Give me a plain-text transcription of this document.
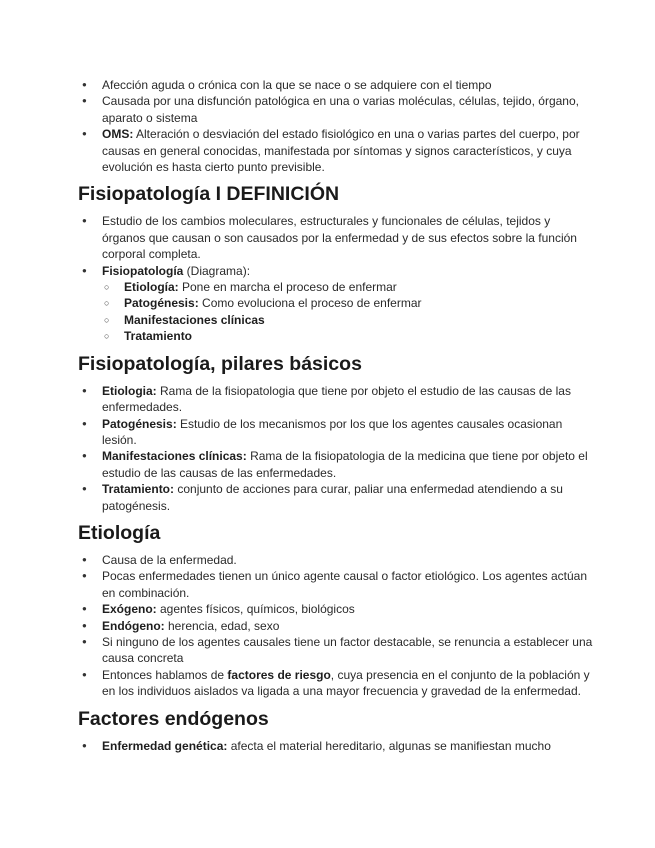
● Afección aguda o crónica con la que se nace o se adquiere con el tiempo
● Causada por una disfunción patológica en una o varias moléculas, células, tejido, órgano, aparato o sistema
● OMS: Alteración o desviación del estado fisiológico en una o varias partes del cuerpo, por causas en general conocidas, manifestada por síntomas y signos característicos, y cuya evolución es hasta cierto punto previsible.
Fisiopatología I DEFINICIÓN
● Estudio de los cambios moleculares, estructurales y funcionales de células, tejidos y órganos que causan o son causados por la enfermedad y de sus efectos sobre la función corporal completa.
● Fisiopatología (Diagrama):
○ Etiología: Pone en marcha el proceso de enfermar
○ Patogénesis: Como evoluciona el proceso de enfermar
○ Manifestaciones clínicas
○ Tratamiento
Fisiopatología, pilares básicos
● Etiologia: Rama de la fisiopatologia que tiene por objeto el estudio de las causas de las enfermedades.
● Patogénesis: Estudio de los mecanismos por los que los agentes causales ocasionan lesión.
● Manifestaciones clínicas: Rama de la fisiopatologia de la medicina que tiene por objeto el estudio de las causas de las enfermedades.
● Tratamiento: conjunto de acciones para curar, paliar una enfermedad atendiendo a su patogénesis.
Etiología
● Causa de la enfermedad.
● Pocas enfermedades tienen un único agente causal o factor etiológico. Los agentes actúan en combinación.
● Exógeno: agentes físicos, químicos, biológicos
● Endógeno: herencia, edad, sexo
● Si ninguno de los agentes causales tiene un factor destacable, se renuncia a establecer una causa concreta
● Entonces hablamos de factores de riesgo, cuya presencia en el conjunto de la población y en los individuos aislados va ligada a una mayor frecuencia y gravedad de la enfermedad.
Factores endógenos
● Enfermedad genética: afecta el material hereditario, algunas se manifiestan mucho
